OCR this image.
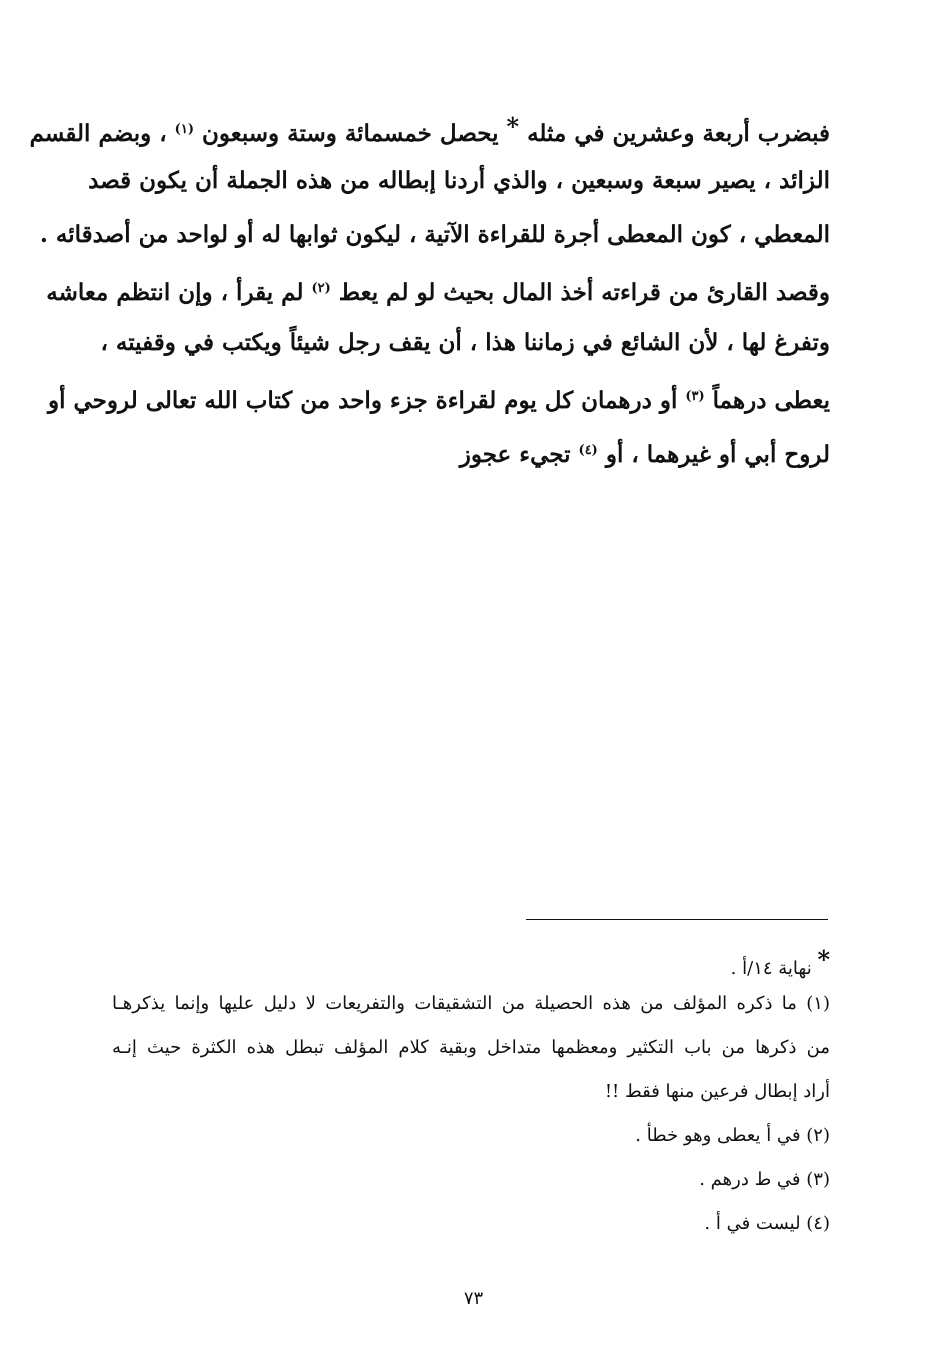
فبضرب أربعة وعشرين في مثله * يحصل خمسمائة وستة وسبعون $^{(١)}$ ، وبضم القسم
الزائد ، يصير سبعة وسبعين ، والذي أردنا إبطاله من هذه الجملة أن يكون قصد
المعطي ، كون المعطى أجرة للقراءة الآتية ، ليكون ثوابها له أو لواحد من أصدقائه .
وقصد القارئ من قراءته أخذ المال بحيث لو لم يعط $^{(٢)}$ لم يقرأ ، وإن انتظم معاشه
وتفرغ لها ، لأن الشائع في زماننا هذا ، أن يقف رجل شيئاً ويكتب في وقفيته ،
يعطى درهماً $^{(٣)}$ أو درهمان كل يوم لقراءة جزء واحد من كتاب الله تعالى لروحي أو
لروح أبي أو غيرهما ، أو $^{(٤)}$ تجيء عجوز
* نهاية ١٤/أ .
(١) ما ذكره المؤلف من هذه الحصيلة من التشقيقات والتفريعات لا دليل عليها وإنما يذكرهـا
من ذكرها من باب التكثير ومعظمها متداخل وبقية كلام المؤلف تبطل هذه الكثرة حيث إنـه
أراد إبطال فرعين منها فقط !!
(٢) في أ يعطى وهو خطأ .
(٣) في ط درهم .
(٤) ليست في أ .
٧٣
